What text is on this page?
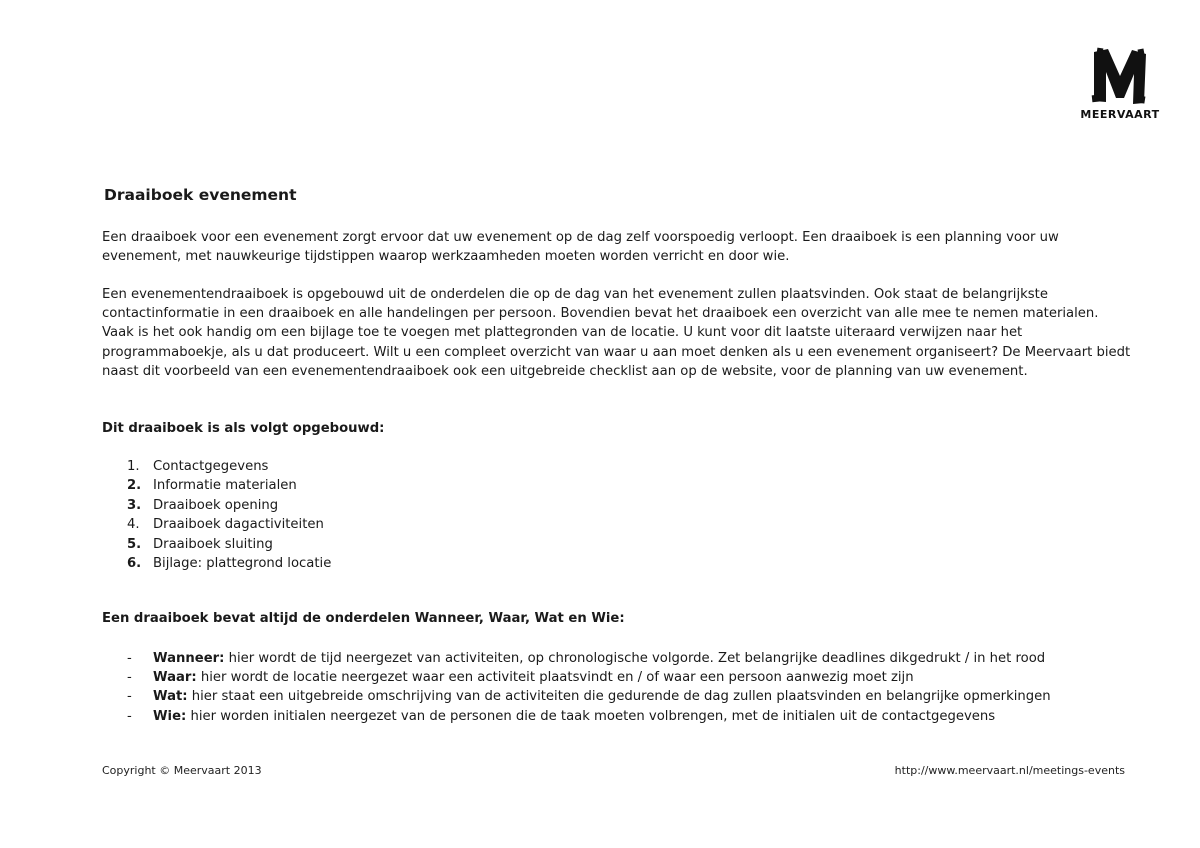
MEERVAART
Draaiboek evenement

Een draaiboek voor een evenement zorgt ervoor dat uw evenement op de dag zelf voorspoedig verloopt. Een draaiboek is een planning voor uw evenement, met nauwkeurige tijdstippen waarop werkzaamheden moeten worden verricht en door wie.

Een evenementendraaiboek is opgebouwd uit de onderdelen die op de dag van het evenement zullen plaatsvinden. Ook staat de belangrijkste contactinformatie in een draaiboek en alle handelingen per persoon. Bovendien bevat het draaiboek een overzicht van alle mee te nemen materialen. Vaak is het ook handig om een bijlage toe te voegen met plattegronden van de locatie. U kunt voor dit laatste uiteraard verwijzen naar het programmaboekje, als u dat produceert. Wilt u een compleet overzicht van waar u aan moet denken als u een evenement organiseert? De Meervaart biedt naast dit voorbeeld van een evenementendraaiboek ook een uitgebreide checklist aan op de website, voor de planning van uw evenement.

Dit draaiboek is als volgt opgebouwd:

1. Contactgegevens
2. Informatie materialen
3. Draaiboek opening
4. Draaiboek dagactiviteiten
5. Draaiboek sluiting
6. Bijlage: plattegrond locatie

Een draaiboek bevat altijd de onderdelen Wanneer, Waar, Wat en Wie:

- Wanneer: hier wordt de tijd neergezet van activiteiten, op chronologische volgorde. Zet belangrijke deadlines dikgedrukt / in het rood
- Waar: hier wordt de locatie neergezet waar een activiteit plaatsvindt en / of waar een persoon aanwezig moet zijn
- Wat: hier staat een uitgebreide omschrijving van de activiteiten die gedurende de dag zullen plaatsvinden en belangrijke opmerkingen
- Wie: hier worden initialen neergezet van de personen die de taak moeten volbrengen, met de initialen uit de contactgegevens
Copyright © Meervaart 2013	http://www.meervaart.nl/meetings-events
